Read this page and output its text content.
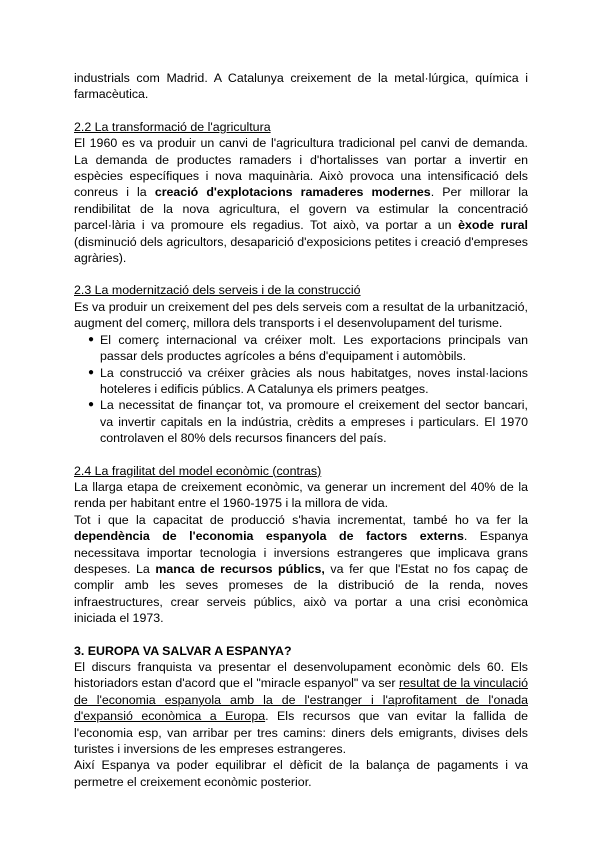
industrials com Madrid. A Catalunya creixement de la metal·lúrgica, química i farmacèutica.

2.2 La transformació de l'agricultura

El 1960 es va produir un canvi de l'agricultura tradicional pel canvi de demanda. La demanda de productes ramaders i d'hortalisses van portar a invertir en espècies específiques i nova maquinària. Això provoca una intensificació dels conreus i la creació d'explotacions ramaderes modernes. Per millorar la rendibilitat de la nova agricultura, el govern va estimular la concentració parcel·lària i va promoure els regadius. Tot això, va portar a un èxode rural (disminució dels agricultors, desaparició d'exposicions petites i creació d'empreses agràries).

2.3 La modernització dels serveis i de la construcció

Es va produir un creixement del pes dels serveis com a resultat de la urbanització, augment del comerç, millora dels transports i el desenvolupament del turisme.

● El comerç internacional va créixer molt. Les exportacions principals van passar dels productes agrícoles a béns d'equipament i automòbils.
● La construcció va créixer gràcies als nous habitatges, noves instal·lacions hoteleres i edificis públics. A Catalunya els primers peatges.
● La necessitat de finançar tot, va promoure el creixement del sector bancari, va invertir capitals en la indústria, crèdits a empreses i particulars. El 1970 controlaven el 80% dels recursos financers del país.

2.4 La fragilitat del model econòmic (contras)

La llarga etapa de creixement econòmic, va generar un increment del 40% de la renda per habitant entre el 1960-1975 i la millora de vida.

Tot i que la capacitat de producció s'havia incrementat, també ho va fer la dependència de l'economia espanyola de factors externs. Espanya necessitava importar tecnologia i inversions estrangeres que implicava grans despeses. La manca de recursos públics, va fer que l'Estat no fos capaç de complir amb les seves promeses de la distribució de la renda, noves infraestructures, crear serveis públics, això va portar a una crisi econòmica iniciada el 1973.

3. EUROPA VA SALVAR A ESPANYA?

El discurs franquista va presentar el desenvolupament econòmic dels 60. Els historiadors estan d'acord que el "miracle espanyol" va ser resultat de la vinculació de l'economia espanyola amb la de l'estranger i l'aprofitament de l'onada d'expansió econòmica a Europa. Els recursos que van evitar la fallida de l'economia esp, van arribar per tres camins: diners dels emigrants, divises dels turistes i inversions de les empreses estrangeres.

Així Espanya va poder equilibrar el dèficit de la balança de pagaments i va permetre el creixement econòmic posterior.
